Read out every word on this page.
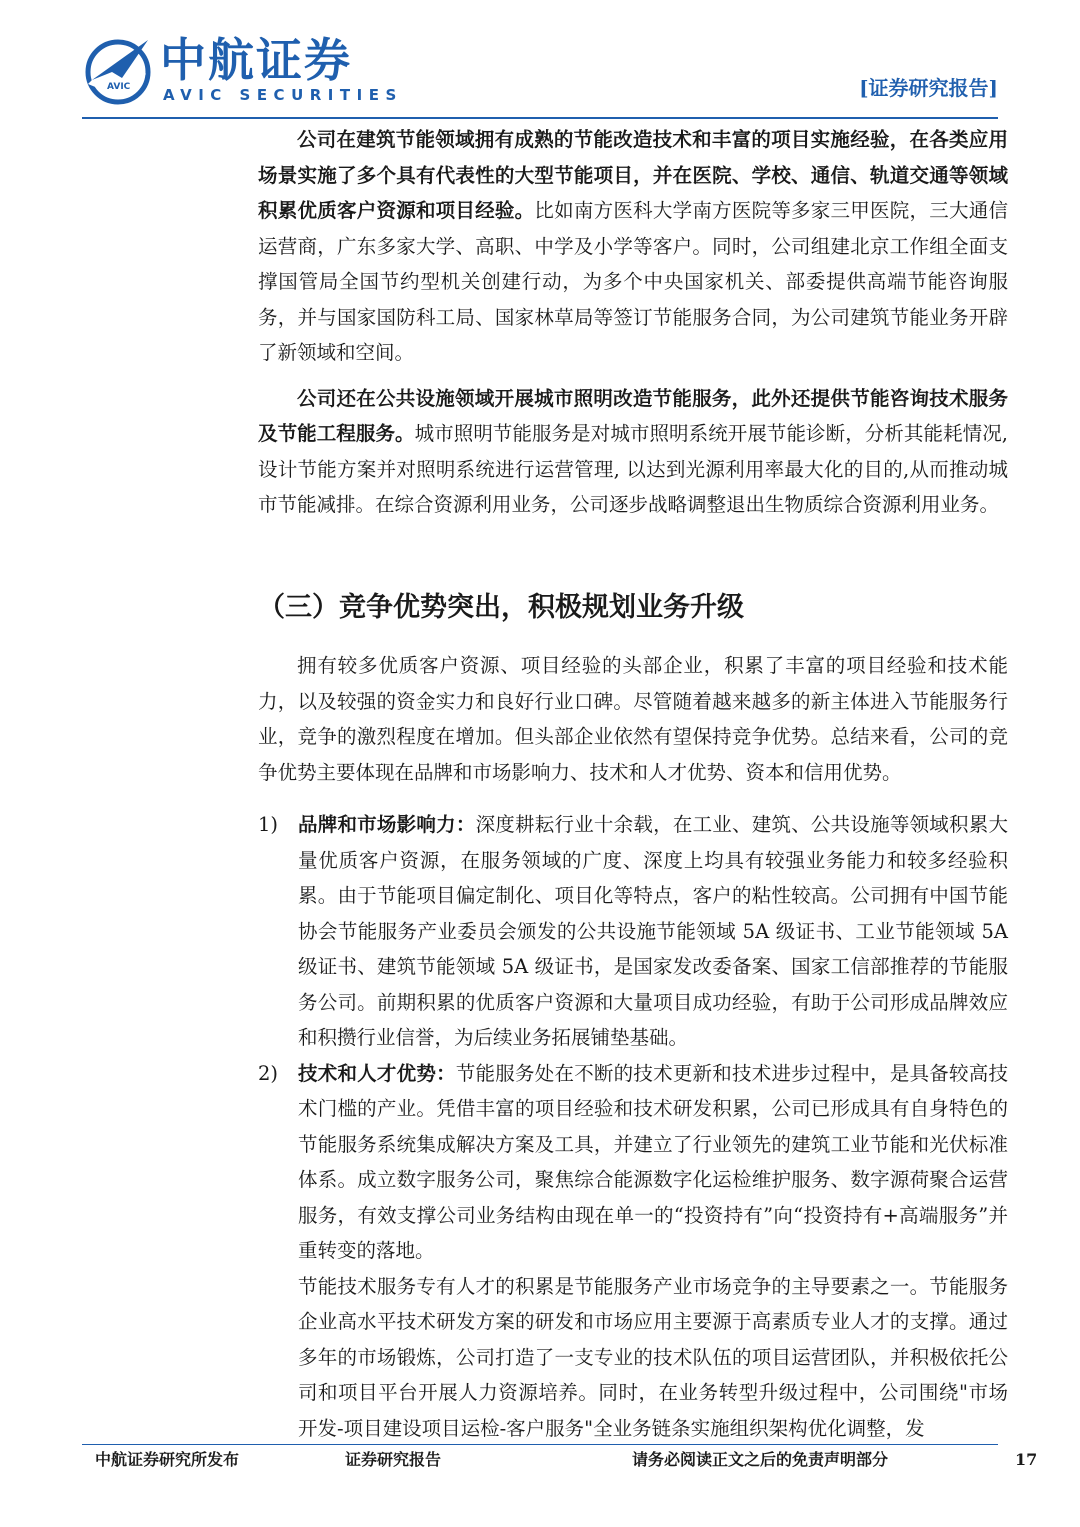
AVIC 中航证券
AVIC SECURITIES	[证券研究报告]

公司在建筑节能领域拥有成熟的节能改造技术和丰富的项目实施经验，在各类应用场景实施了多个具有代表性的大型节能项目，并在医院、学校、通信、轨道交通等领域积累优质客户资源和项目经验。比如南方医科大学南方医院等多家三甲医院，三大通信运营商，广东多家大学、高职、中学及小学等客户。同时，公司组建北京工作组全面支撑国管局全国节约型机关创建行动，为多个中央国家机关、部委提供高端节能咨询服务，并与国家国防科工局、国家林草局等签订节能服务合同，为公司建筑节能业务开辟了新领域和空间。

公司还在公共设施领域开展城市照明改造节能服务，此外还提供节能咨询技术服务及节能工程服务。城市照明节能服务是对城市照明系统开展节能诊断，分析其能耗情况,设计节能方案并对照明系统进行运营管理, 以达到光源利用率最大化的目的,从而推动城市节能减排。在综合资源利用业务，公司逐步战略调整退出生物质综合资源利用业务。

（三）竞争优势突出，积极规划业务升级

拥有较多优质客户资源、项目经验的头部企业，积累了丰富的项目经验和技术能力，以及较强的资金实力和良好行业口碑。尽管随着越来越多的新主体进入节能服务行业，竞争的激烈程度在增加。但头部企业依然有望保持竞争优势。总结来看，公司的竞争优势主要体现在品牌和市场影响力、技术和人才优势、资本和信用优势。

1) 品牌和市场影响力：深度耕耘行业十余载，在工业、建筑、公共设施等领域积累大量优质客户资源，在服务领域的广度、深度上均具有较强业务能力和较多经验积累。由于节能项目偏定制化、项目化等特点，客户的粘性较高。公司拥有中国节能协会节能服务产业委员会颁发的公共设施节能领域 5A 级证书、工业节能领域 5A 级证书、建筑节能领域 5A 级证书，是国家发改委备案、国家工信部推荐的节能服务公司。前期积累的优质客户资源和大量项目成功经验，有助于公司形成品牌效应和积攒行业信誉，为后续业务拓展铺垫基础。

2) 技术和人才优势：节能服务处在不断的技术更新和技术进步过程中，是具备较高技术门槛的产业。凭借丰富的项目经验和技术研发积累，公司已形成具有自身特色的节能服务系统集成解决方案及工具，并建立了行业领先的建筑工业节能和光伏标准体系。成立数字服务公司，聚焦综合能源数字化运检维护服务、数字源荷聚合运营服务，有效支撑公司业务结构由现在单一的“投资持有”向“投资持有+高端服务”并重转变的落地。

节能技术服务专有人才的积累是节能服务产业市场竞争的主导要素之一。节能服务企业高水平技术研发方案的研发和市场应用主要源于高素质专业人才的支撑。通过多年的市场锻炼，公司打造了一支专业的技术队伍的项目运营团队，并积极依托公司和项目平台开展人力资源培养。同时，在业务转型升级过程中，公司围绕"市场开发-项目建设项目运检-客户服务"全业务链条实施组织架构优化调整，发

中航证券研究所发布	证券研究报告	请务必阅读正文之后的免责声明部分	17
